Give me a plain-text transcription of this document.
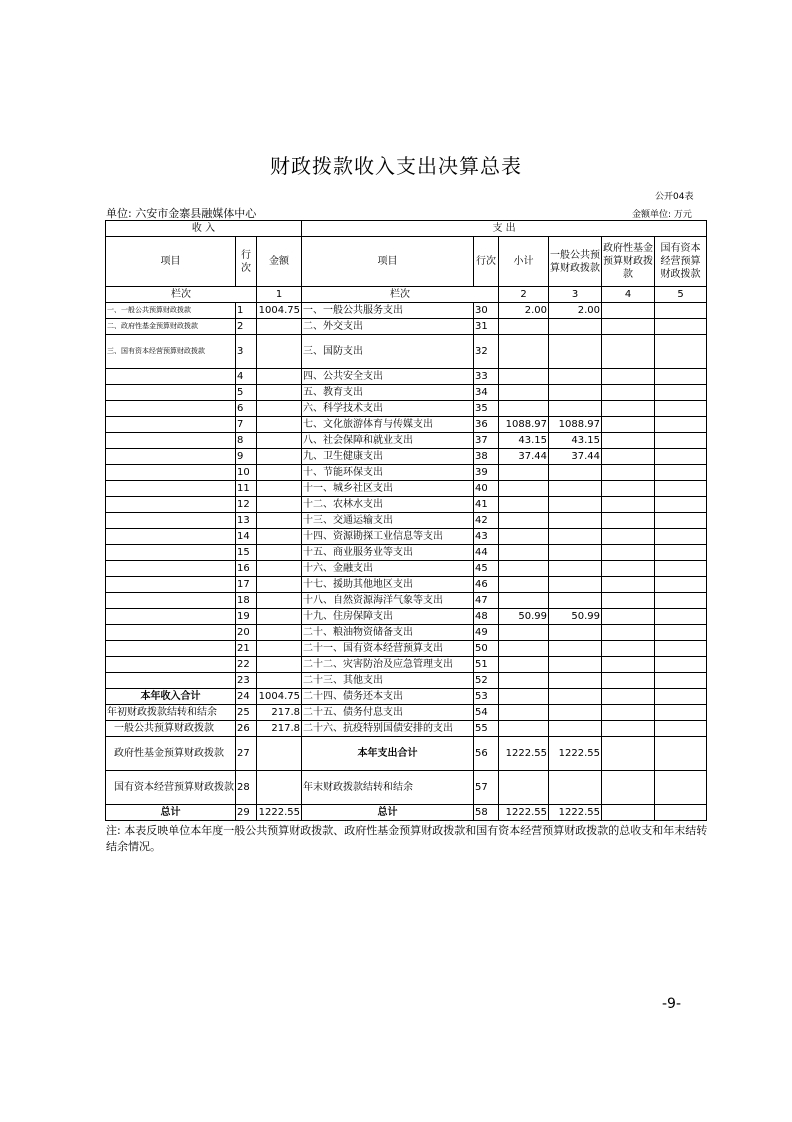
财政拨款收入支出决算总表
公开04表
单位: 六安市金寨县融媒体中心	金额单位: 万元
收 入			支 出					
项目	行次	金额	项目	行次	小计	一般公共预算财政拨款	政府性基金预算财政拨款	国有资本经营预算财政拨款
栏次		1	栏次		2	3	4	5
一、一般公共预算财政拨款	1	1004.75	一、一般公共服务支出	30	2.00	2.00		
二、政府性基金预算财政拨款	2		二、外交支出	31				
三、国有资本经营预算财政拨款	3		三、国防支出	32				
	4		四、公共安全支出	33				
	5		五、教育支出	34				
	6		六、科学技术支出	35				
	7		七、文化旅游体育与传媒支出	36	1088.97	1088.97		
	8		八、社会保障和就业支出	37	43.15	43.15		
	9		九、卫生健康支出	38	37.44	37.44		
	10		十、节能环保支出	39				
	11		十一、城乡社区支出	40				
	12		十二、农林水支出	41				
	13		十三、交通运输支出	42				
	14		十四、资源勘探工业信息等支出	43				
	15		十五、商业服务业等支出	44				
	16		十六、金融支出	45				
	17		十七、援助其他地区支出	46				
	18		十八、自然资源海洋气象等支出	47				
	19		十九、住房保障支出	48	50.99	50.99		
	20		二十、粮油物资储备支出	49				
	21		二十一、国有资本经营预算支出	50				
	22		二十二、灾害防治及应急管理支出	51				
	23		二十三、其他支出	52				
本年收入合计	24	1004.75	二十四、债务还本支出	53				
年初财政拨款结转和结余	25	217.8	二十五、债务付息支出	54				
一般公共预算财政拨款	26	217.8	二十六、抗疫特别国债安排的支出	55				
政府性基金预算财政拨款	27		本年支出合计	56	1222.55	1222.55		
国有资本经营预算财政拨款	28		年末财政拨款结转和结余	57				
总计	29	1222.55	总计	58	1222.55	1222.55		
注: 本表反映单位本年度一般公共预算财政拨款、政府性基金预算财政拨款和国有资本经营预算财政拨款的总收支和年末结转结余情况。
-9-
